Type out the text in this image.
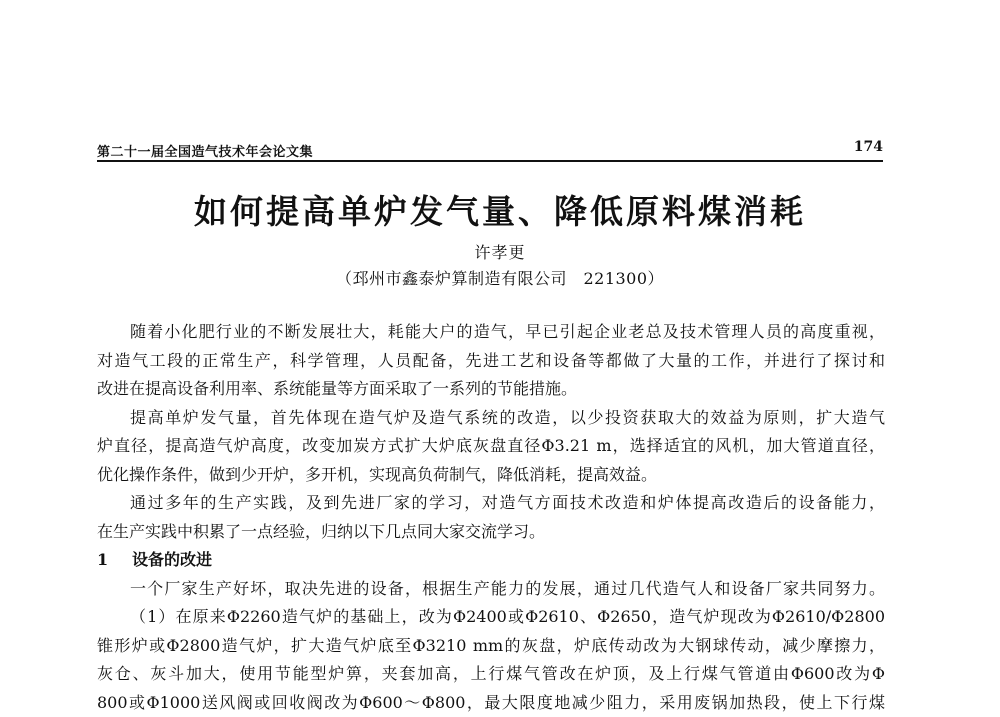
第二十一届全国造气技术年会论文集	174
如何提高单炉发气量、降低原料煤消耗
许孝更
（邳州市鑫泰炉算制造有限公司　221300）
随着小化肥行业的不断发展壮大，耗能大户的造气，早已引起企业老总及技术管理人员的高度重视，
对造气工段的正常生产，科学管理，人员配备，先进工艺和设备等都做了大量的工作，并进行了探讨和
改进在提高设备利用率、系统能量等方面采取了一系列的节能措施。
提高单炉发气量，首先体现在造气炉及造气系统的改造，以少投资获取大的效益为原则，扩大造气
炉直径，提高造气炉高度，改变加炭方式扩大炉底灰盘直径Φ3.21 m，选择适宜的风机，加大管道直径，
优化操作条件，做到少开炉，多开机，实现高负荷制气，降低消耗，提高效益。
通过多年的生产实践，及到先进厂家的学习，对造气方面技术改造和炉体提高改造后的设备能力，
在生产实践中积累了一点经验，归纳以下几点同大家交流学习。
1 设备的改进
一个厂家生产好坏，取决先进的设备，根据生产能力的发展，通过几代造气人和设备厂家共同努力。
（1）在原来Φ2260造气炉的基础上，改为Φ2400或Φ2610、Φ2650，造气炉现改为Φ2610/Φ2800
锥形炉或Φ2800造气炉，扩大造气炉底至Φ3210 mm的灰盘，炉底传动改为大钢球传动，减少摩擦力，
灰仓、灰斗加大，使用节能型炉箅，夹套加高，上行煤气管改在炉顶，及上行煤气管道由Φ600改为Φ
800或Φ1000送风阀或回收阀改为Φ600～Φ800，最大限度地减少阻力，采用废锅加热段，使上下行煤
